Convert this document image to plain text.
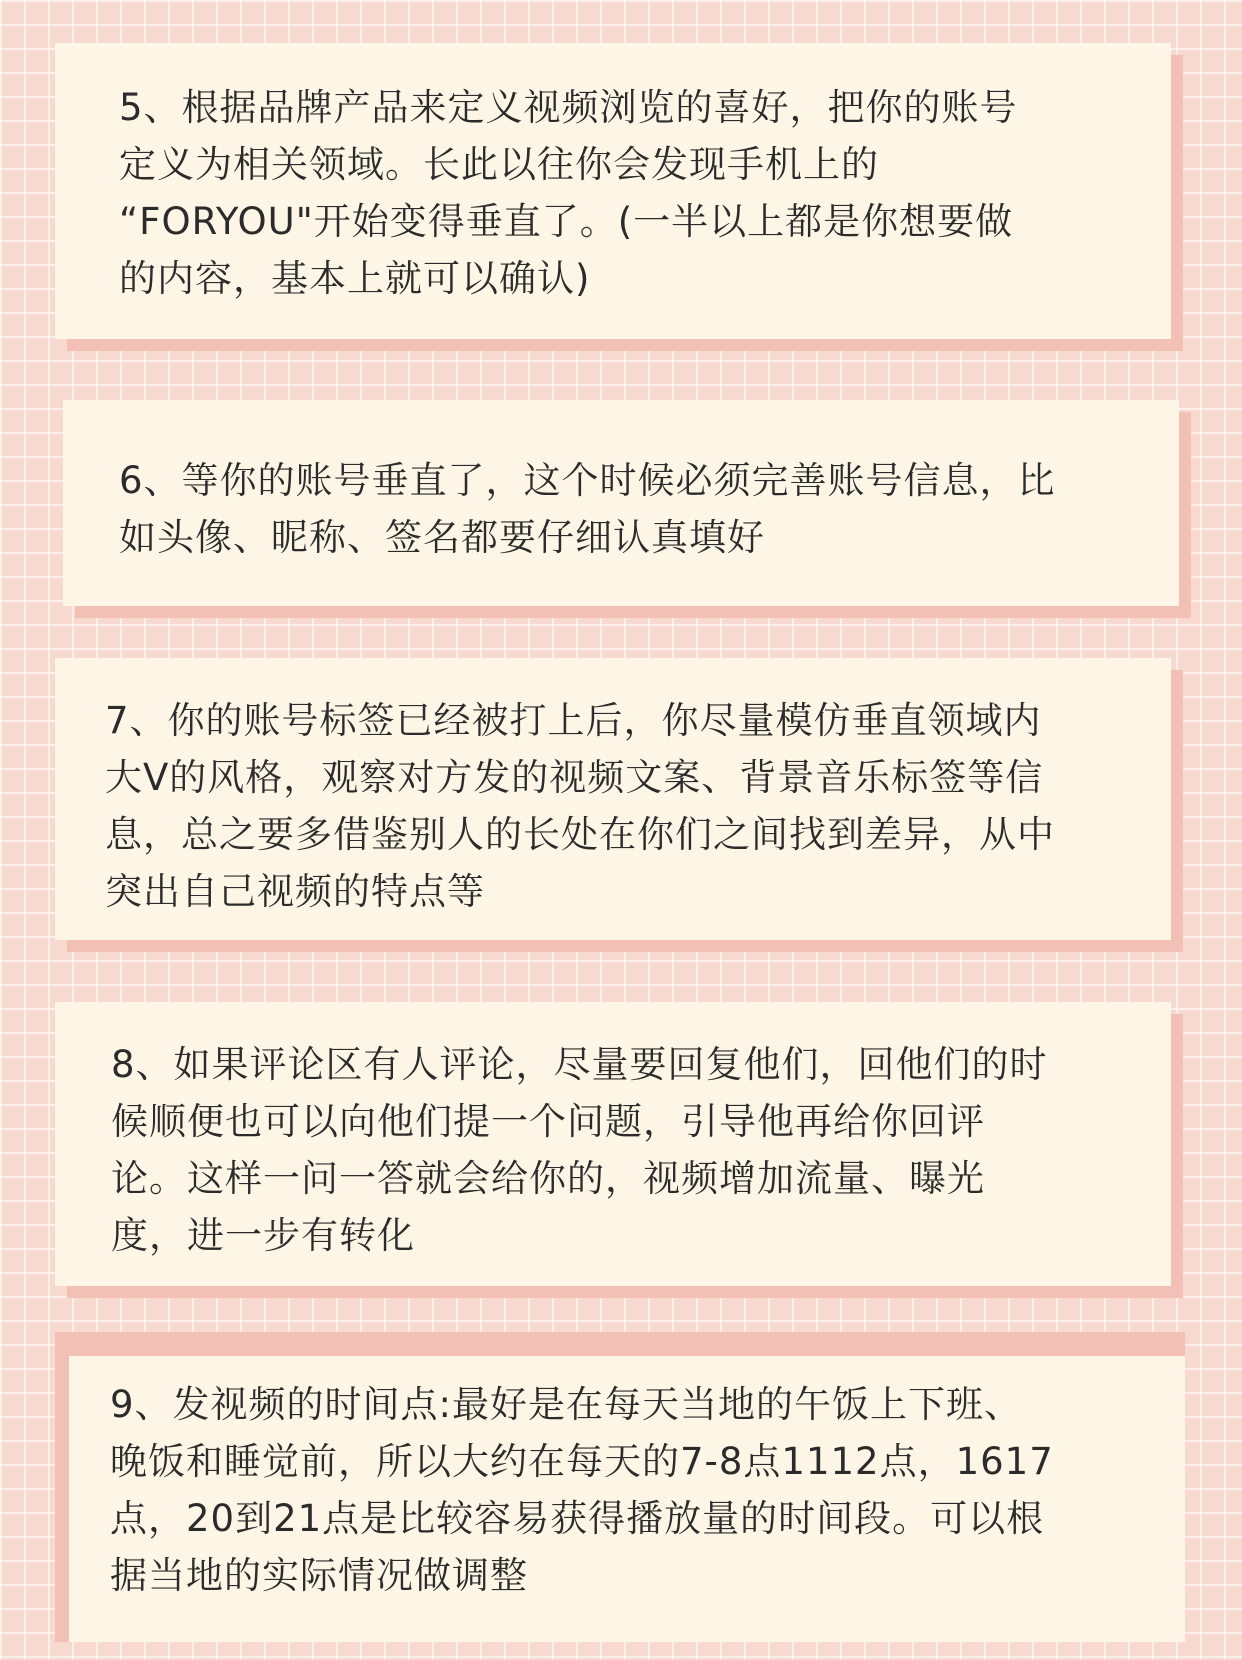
5、根据品牌产品来定义视频浏览的喜好，把你的账号
定义为相关领域。长此以往你会发现手机上的
“FORYOU"开始变得垂直了。(一半以上都是你想要做
的内容，基本上就可以确认)

6、等你的账号垂直了，这个时候必须完善账号信息，比
如头像、昵称、签名都要仔细认真填好

7、你的账号标签已经被打上后，你尽量模仿垂直领域内
大V的风格，观察对方发的视频文案、背景音乐标签等信
息，总之要多借鉴别人的长处在你们之间找到差异，从中
突出自己视频的特点等

8、如果评论区有人评论，尽量要回复他们，回他们的时
候顺便也可以向他们提一个问题，引导他再给你回评
论。这样一问一答就会给你的，视频增加流量、曝光
度，进一步有转化

9、发视频的时间点:最好是在每天当地的午饭上下班、
晚饭和睡觉前，所以大约在每天的7-8点1112点，1617
点，20到21点是比较容易获得播放量的时间段。可以根
据当地的实际情况做调整
